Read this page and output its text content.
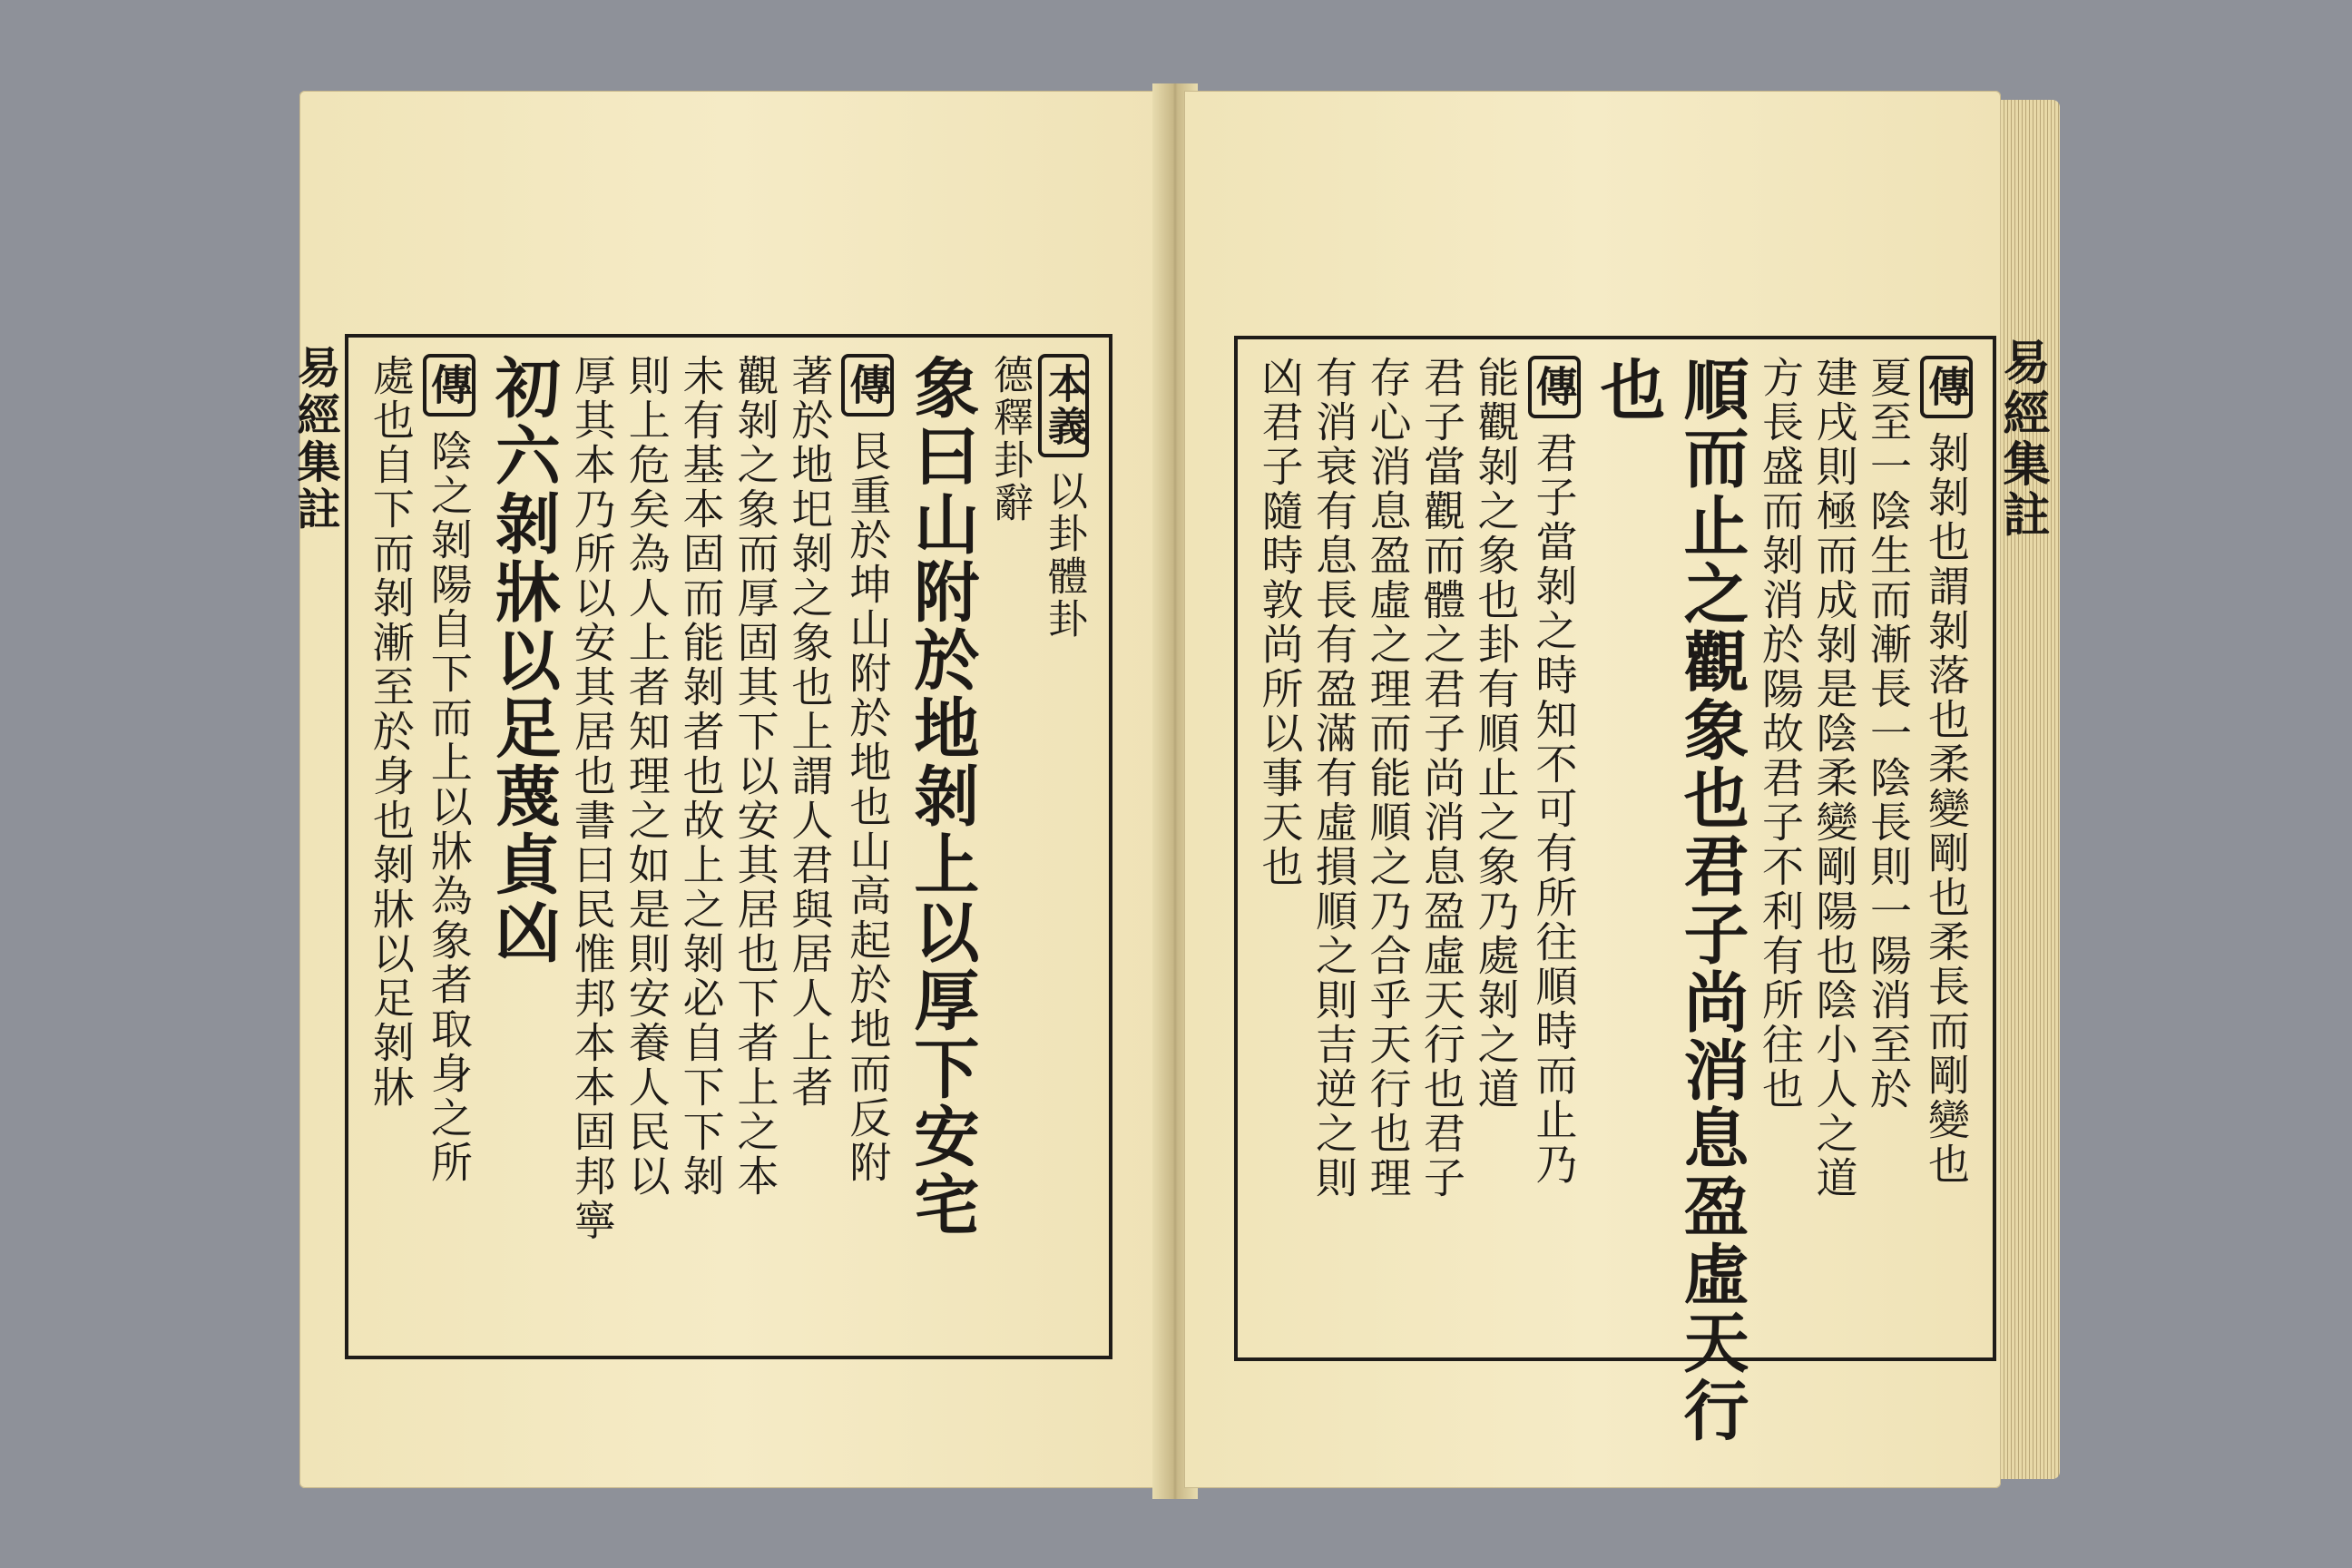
易經集註	本義以卦體卦
德釋卦辭
象曰山附於地剝上以厚下安宅
傳艮重於坤山附於地也山高起於地而反附
著於地圯剝之象也上謂人君與居人上者
觀剝之象而厚固其下以安其居也下者上之本
未有基本固而能剝者也故上之剝必自下下剝
則上危矣為人上者知理之如是則安養人民以
厚其本乃所以安其居也書曰民惟邦本本固邦寧
初六剝牀以足蔑貞凶
傳陰之剝陽自下而上以牀為象者取身之所
處也自下而剝漸至於身也剝牀以足剝牀	傳剝剝也謂剝落也柔變剛也柔長而剛變也
夏至一陰生而漸長一陰長則一陽消至於
建戌則極而成剝是陰柔變剛陽也陰小人之道
方長盛而剝消於陽故君子不利有所往也
順而止之觀象也君子尚消息盈虛天行
也
傳君子當剝之時知不可有所往順時而止乃
能觀剝之象也卦有順止之象乃處剝之道
君子當觀而體之君子尚消息盈虛天行也君子
存心消息盈虛之理而能順之乃合乎天行也理
有消衰有息長有盈滿有虛損順之則吉逆之則
凶君子隨時敦尚所以事天也	易經集註
